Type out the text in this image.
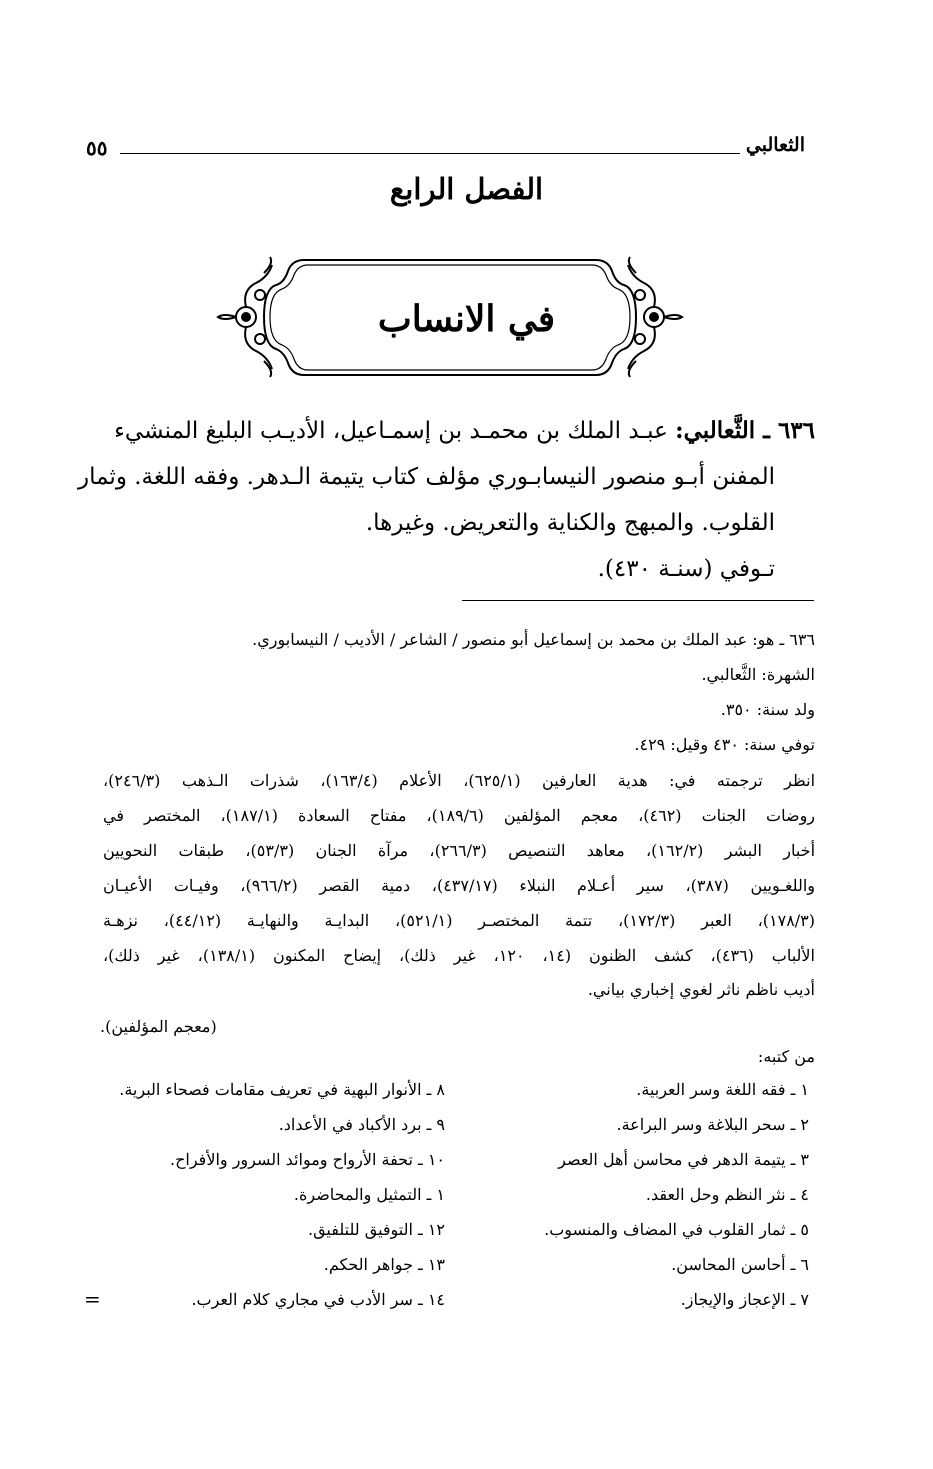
الثعالبي
٥٥
الفصل الرابع
في الانساب
٦٣٦ ـ الثَّعالبي: عبـد الملك بن محمـد بن إسمـاعيل، الأديـب البليغ المنشيء
المفنن أبـو منصور النيسابـوري مؤلف كتاب يتيمة الـدهر. وفقه اللغة. وثمار
القلوب. والمبهج والكناية والتعريض. وغيرها.
تـوفي (سنـة ٤٣٠).
٦٣٦ ـ هو: عبد الملك بن محمد بن إسماعيل أبو منصور / الشاعر / الأديب / النيسابوري.
الشهرة: الثَّعالبي.
ولد سنة: ٣٥٠.
توفي سنة: ٤٣٠ وقيل: ٤٢٩.
انظر ترجمته في: هدية العارفين (٦٢٥/١)، الأعلام (١٦٣/٤)، شذرات الـذهب (٢٤٦/٣)،
روضات الجنات (٤٦٢)، معجم المؤلفين (١٨٩/٦)، مفتاح السعادة (١٨٧/١)، المختصر في
أخبار البشر (١٦٢/٢)، معاهد التنصيص (٢٦٦/٣)، مرآة الجنان (٥٣/٣)، طبقات النحويين
واللغـويين (٣٨٧)، سير أعـلام النبلاء (٤٣٧/١٧)، دمية القصر (٩٦٦/٢)، وفيـات الأعيـان
(١٧٨/٣)، العبر (١٧٢/٣)، تتمة المختصـر (٥٢١/١)، البدايـة والنهايـة (٤٤/١٢)، نزهـة
الألباب (٤٣٦)، كشف الظنون (١٤، ١٢٠، غير ذلك)، إيضاح المكنون (١٣٨/١)، غير ذلك)،
أديب ناظم ناثر لغوي إخباري بياني.
(معجم المؤلفين).
من كتبه:
١ ـ فقه اللغة وسر العربية.
٢ ـ سحر البلاغة وسر البراعة.
٣ ـ يتيمة الدهر في محاسن أهل العصر
٤ ـ نثر النظم وحل العقد.
٥ ـ ثمار القلوب في المضاف والمنسوب.
٦ ـ أحاسن المحاسن.
٧ ـ الإعجاز والإيجاز.
٨ ـ الأنوار البهية في تعريف مقامات فصحاء البرية.
٩ ـ برد الأكباد في الأعداد.
١٠ ـ تحفة الأرواح وموائد السرور والأفراح.
١ ـ التمثيل والمحاضرة.
١٢ ـ التوفيق للتلفيق.
١٣ ـ جواهر الحكم.
١٤ ـ سر الأدب في مجاري كلام العرب.
=
